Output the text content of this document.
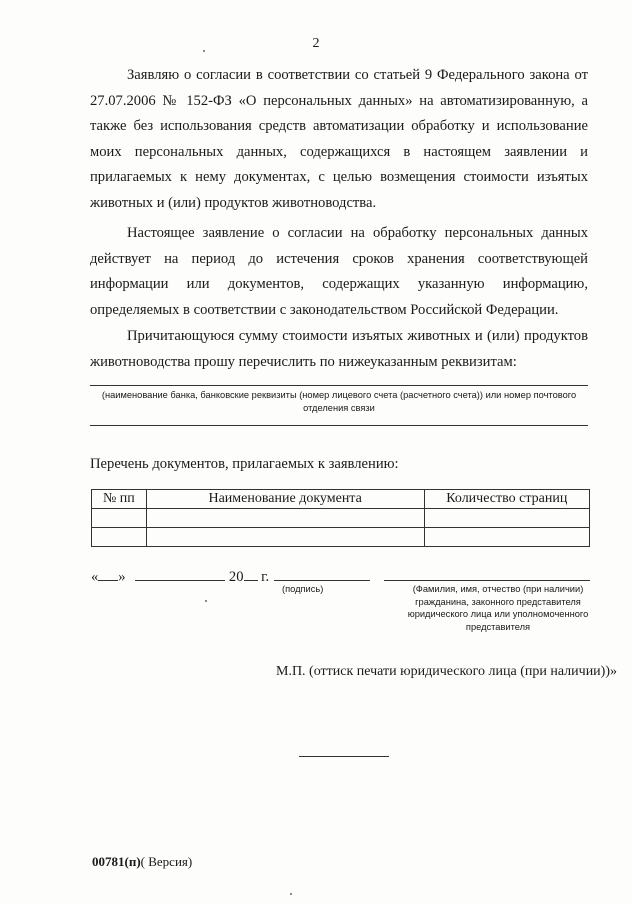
2

Заявляю о согласии в соответствии со статьей 9 Федерального закона от 27.07.2006 № 152-ФЗ «О персональных данных» на автоматизированную, а также без использования средств автоматизации обработку и использование моих персональных данных, содержащихся в настоящем заявлении и прилагаемых к нему документах, с целью возмещения стоимости изъятых животных и (или) продуктов животноводства.

Настоящее заявление о согласии на обработку персональных данных действует на период до истечения сроков хранения соответствующей информации или документов, содержащих указанную информацию, определяемых в соответствии с законодательством Российской Федерации.

Причитающуюся сумму стоимости изъятых животных и (или) продуктов животноводства прошу перечислить по нижеуказанным реквизитам:

(наименование банка, банковские реквизиты (номер лицевого счета (расчетного счета)) или номер почтового отделения связи
Перечень документов, прилагаемых к заявлению:
№ пп	Наименование документа	Количество страниц

« »	20 г.
(подпись)	(Фамилия, имя, отчество (при наличии) гражданина, законного представителя юридического лица или уполномоченного представителя
М.П. (оттиск печати юридического лица (при наличии))»
00781(п)( Версия)
